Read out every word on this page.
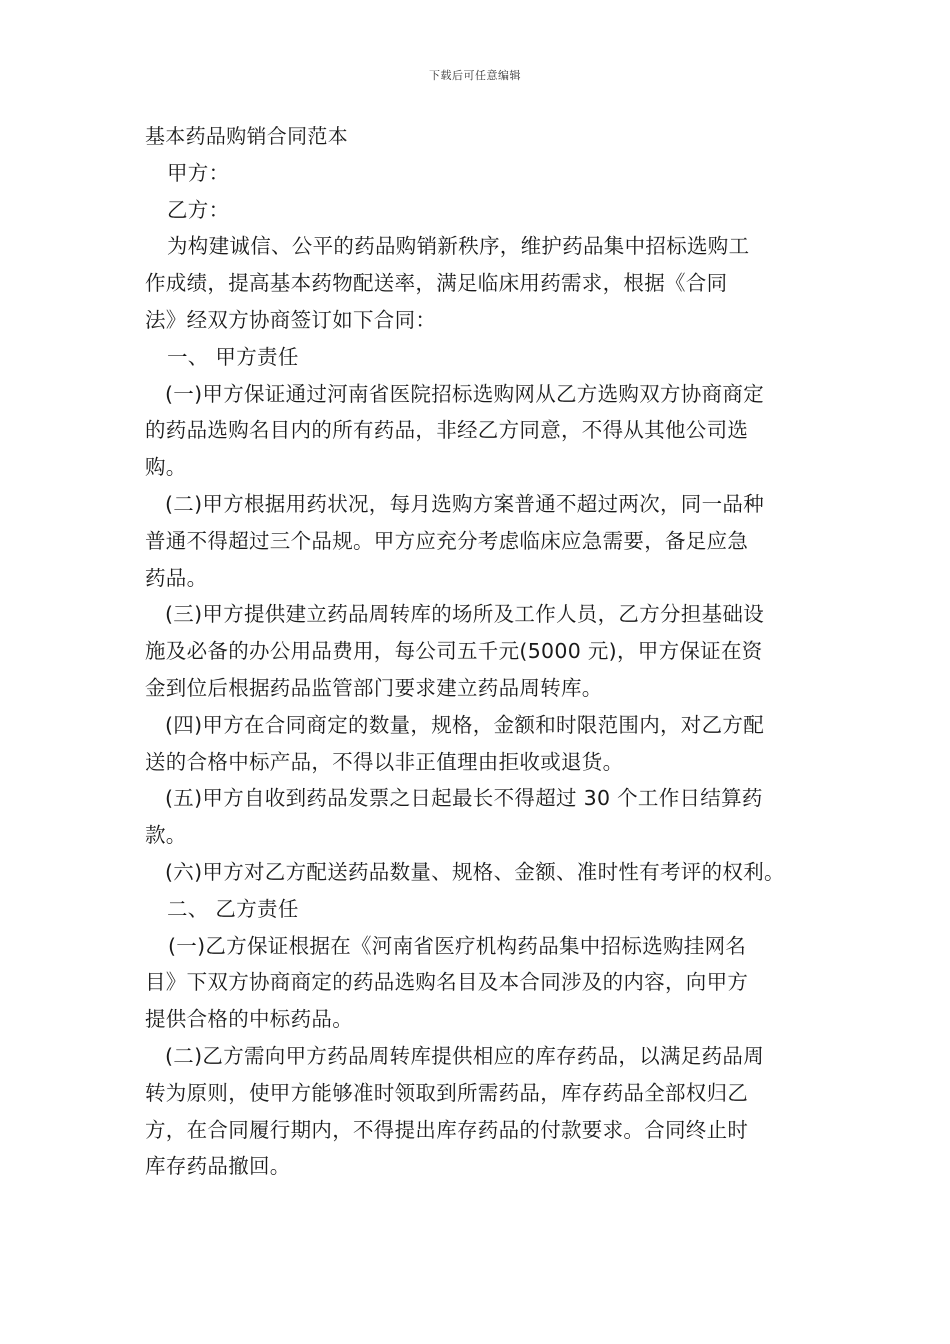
下载后可任意编辑
基本药品购销合同范本
甲方：
乙方：
为构建诚信、公平的药品购销新秩序，维护药品集中招标选购工
作成绩，提高基本药物配送率，满足临床用药需求，根据《合同
法》经双方协商签订如下合同：
一、 甲方责任
(一)甲方保证通过河南省医院招标选购网从乙方选购双方协商商定
的药品选购名目内的所有药品，非经乙方同意，不得从其他公司选
购。
(二)甲方根据用药状况，每月选购方案普通不超过两次，同一品种
普通不得超过三个品规。甲方应充分考虑临床应急需要，备足应急
药品。
(三)甲方提供建立药品周转库的场所及工作人员，乙方分担基础设
施及必备的办公用品费用，每公司五千元(5000 元)，甲方保证在资
金到位后根据药品监管部门要求建立药品周转库。
(四)甲方在合同商定的数量，规格，金额和时限范围内，对乙方配
送的合格中标产品，不得以非正值理由拒收或退货。
(五)甲方自收到药品发票之日起最长不得超过 30 个工作日结算药
款。
(六)甲方对乙方配送药品数量、规格、金额、准时性有考评的权利。
二、 乙方责任
(一)乙方保证根据在《河南省医疗机构药品集中招标选购挂网名
目》下双方协商商定的药品选购名目及本合同涉及的内容，向甲方
提供合格的中标药品。
(二)乙方需向甲方药品周转库提供相应的库存药品，以满足药品周
转为原则，使甲方能够准时领取到所需药品，库存药品全部权归乙
方，在合同履行期内，不得提出库存药品的付款要求。合同终止时
库存药品撤回。
